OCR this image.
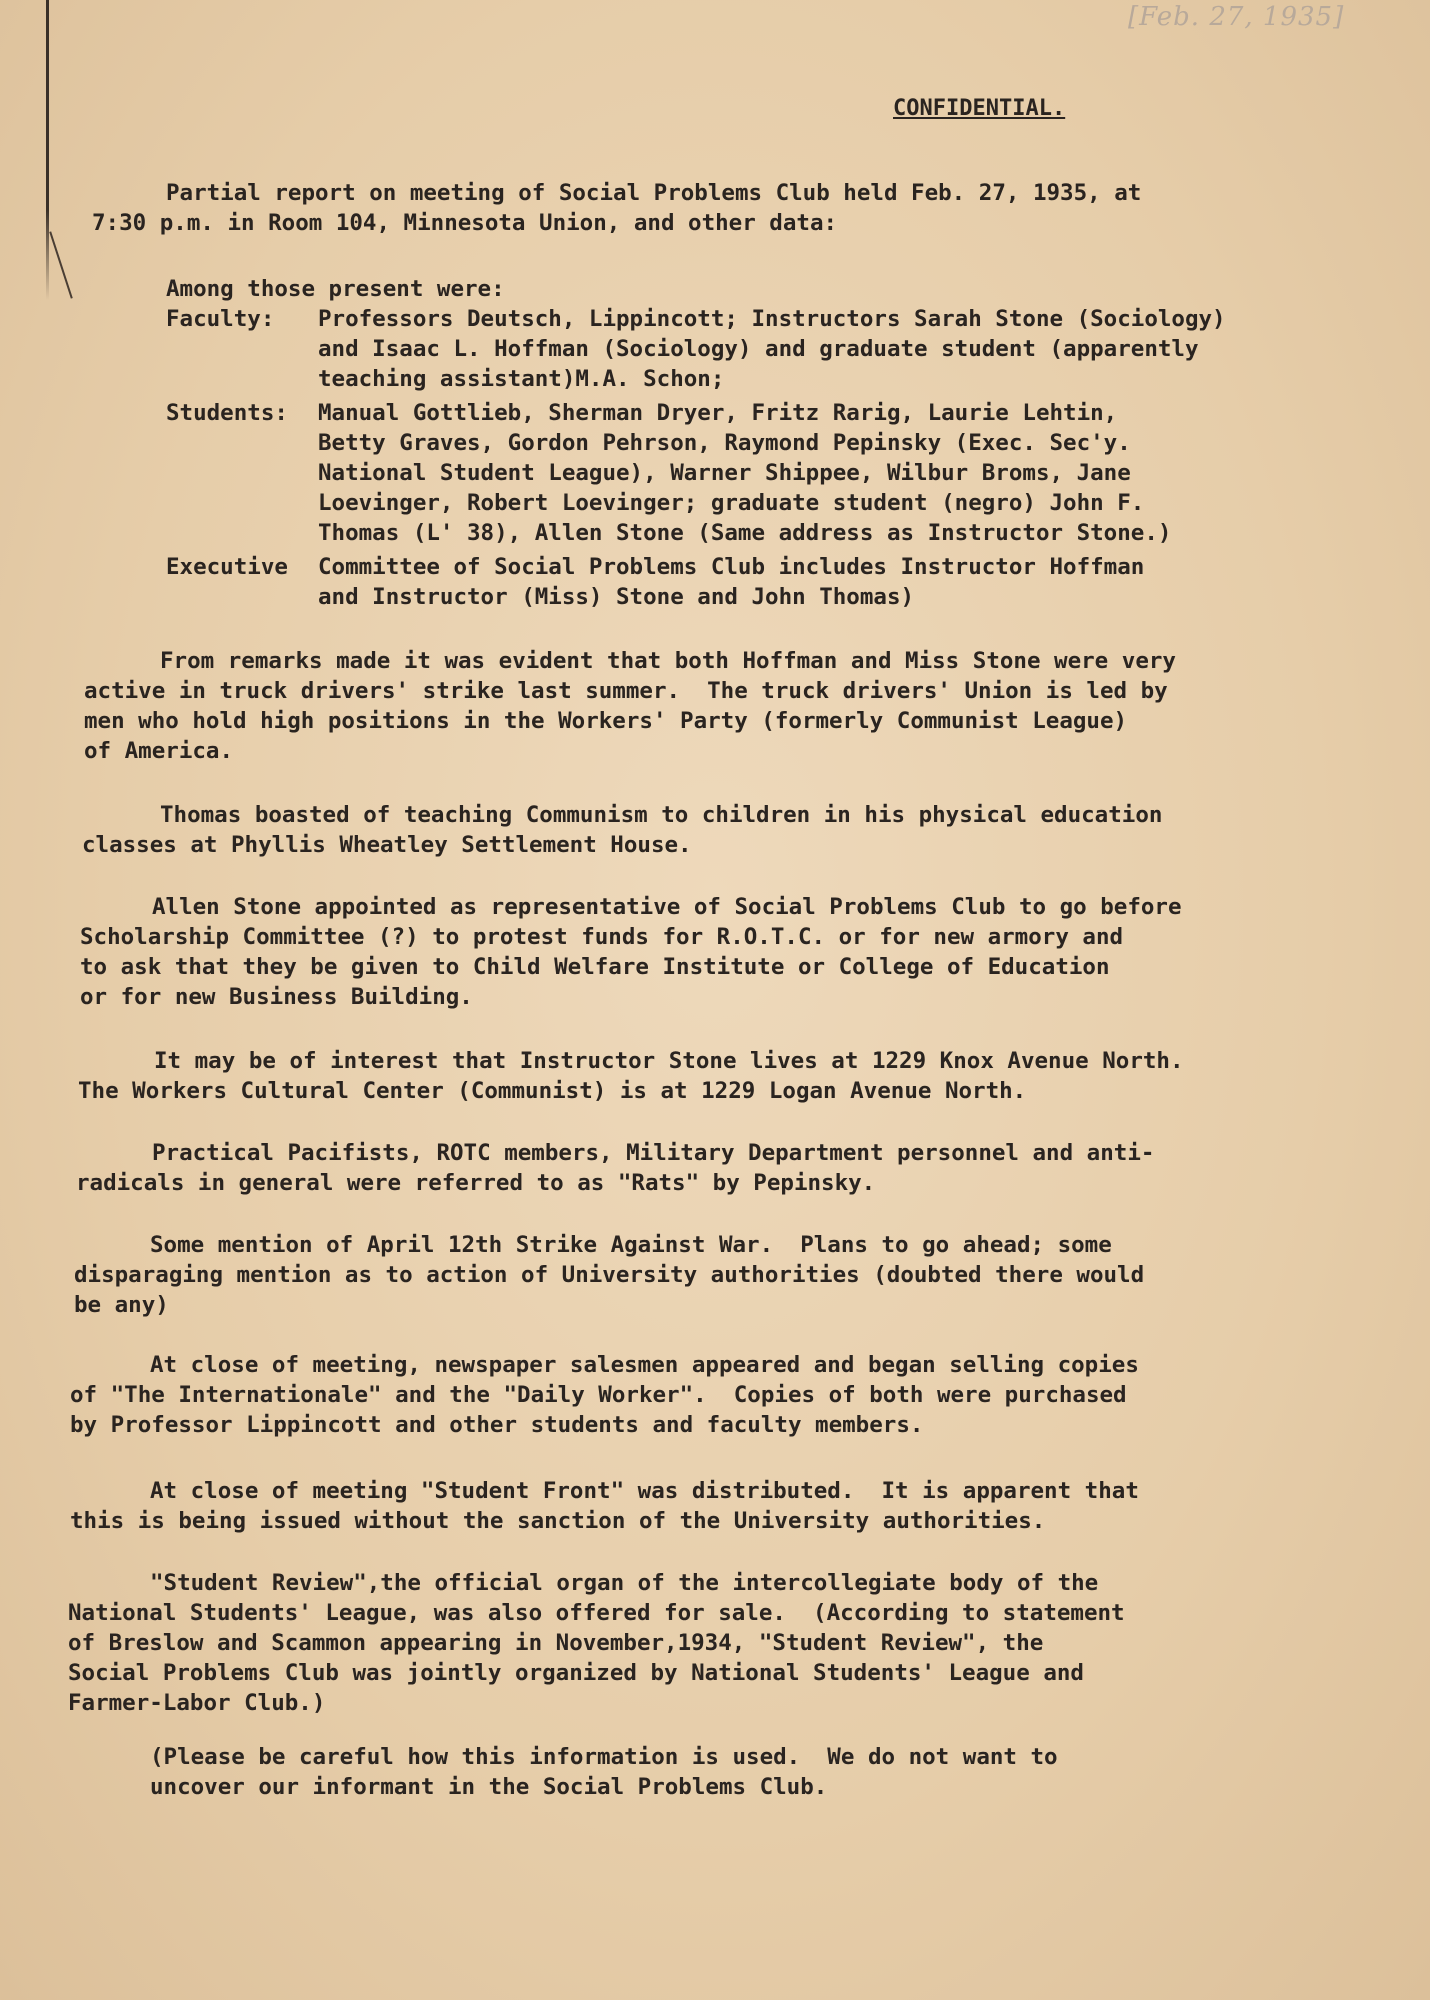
[Feb. 27, 1935]
CONFIDENTIAL.

Partial report on meeting of Social Problems Club held Feb. 27, 1935, at

7:30 p.m. in Room 104, Minnesota Union, and other data:

Among those present were:

Faculty: Professors Deutsch, Lippincott; Instructors Sarah Stone (Sociology)

and Isaac L. Hoffman (Sociology) and graduate student (apparently

teaching assistant)M.A. Schon;

Students: Manual Gottlieb, Sherman Dryer, Fritz Rarig, Laurie Lehtin,

Betty Graves, Gordon Pehrson, Raymond Pepinsky (Exec. Sec'y.

National Student League), Warner Shippee, Wilbur Broms, Jane

Loevinger, Robert Loevinger; graduate student (negro) John F.

Thomas (L' 38), Allen Stone (Same address as Instructor Stone.)

Executive Committee of Social Problems Club includes Instructor Hoffman

and Instructor (Miss) Stone and John Thomas)

From remarks made it was evident that both Hoffman and Miss Stone were very

active in truck drivers' strike last summer.  The truck drivers' Union is led by

men who hold high positions in the Workers' Party (formerly Communist League)

of America.

Thomas boasted of teaching Communism to children in his physical education

classes at Phyllis Wheatley Settlement House.

Allen Stone appointed as representative of Social Problems Club to go before

Scholarship Committee (?) to protest funds for R.O.T.C. or for new armory and

to ask that they be given to Child Welfare Institute or College of Education

or for new Business Building.

It may be of interest that Instructor Stone lives at 1229 Knox Avenue North.

The Workers Cultural Center (Communist) is at 1229 Logan Avenue North.

Practical Pacifists, ROTC members, Military Department personnel and anti-

radicals in general were referred to as "Rats" by Pepinsky.

Some mention of April 12th Strike Against War.  Plans to go ahead; some

disparaging mention as to action of University authorities (doubted there would

be any)

At close of meeting, newspaper salesmen appeared and began selling copies

of "The Internationale" and the "Daily Worker".  Copies of both were purchased

by Professor Lippincott and other students and faculty members.

At close of meeting "Student Front" was distributed.  It is apparent that

this is being issued without the sanction of the University authorities.

"Student Review",the official organ of the intercollegiate body of the

National Students' League, was also offered for sale.  (According to statement

of Breslow and Scammon appearing in November,1934, "Student Review", the

Social Problems Club was jointly organized by National Students' League and

Farmer-Labor Club.)

(Please be careful how this information is used.  We do not want to

uncover our informant in the Social Problems Club.
